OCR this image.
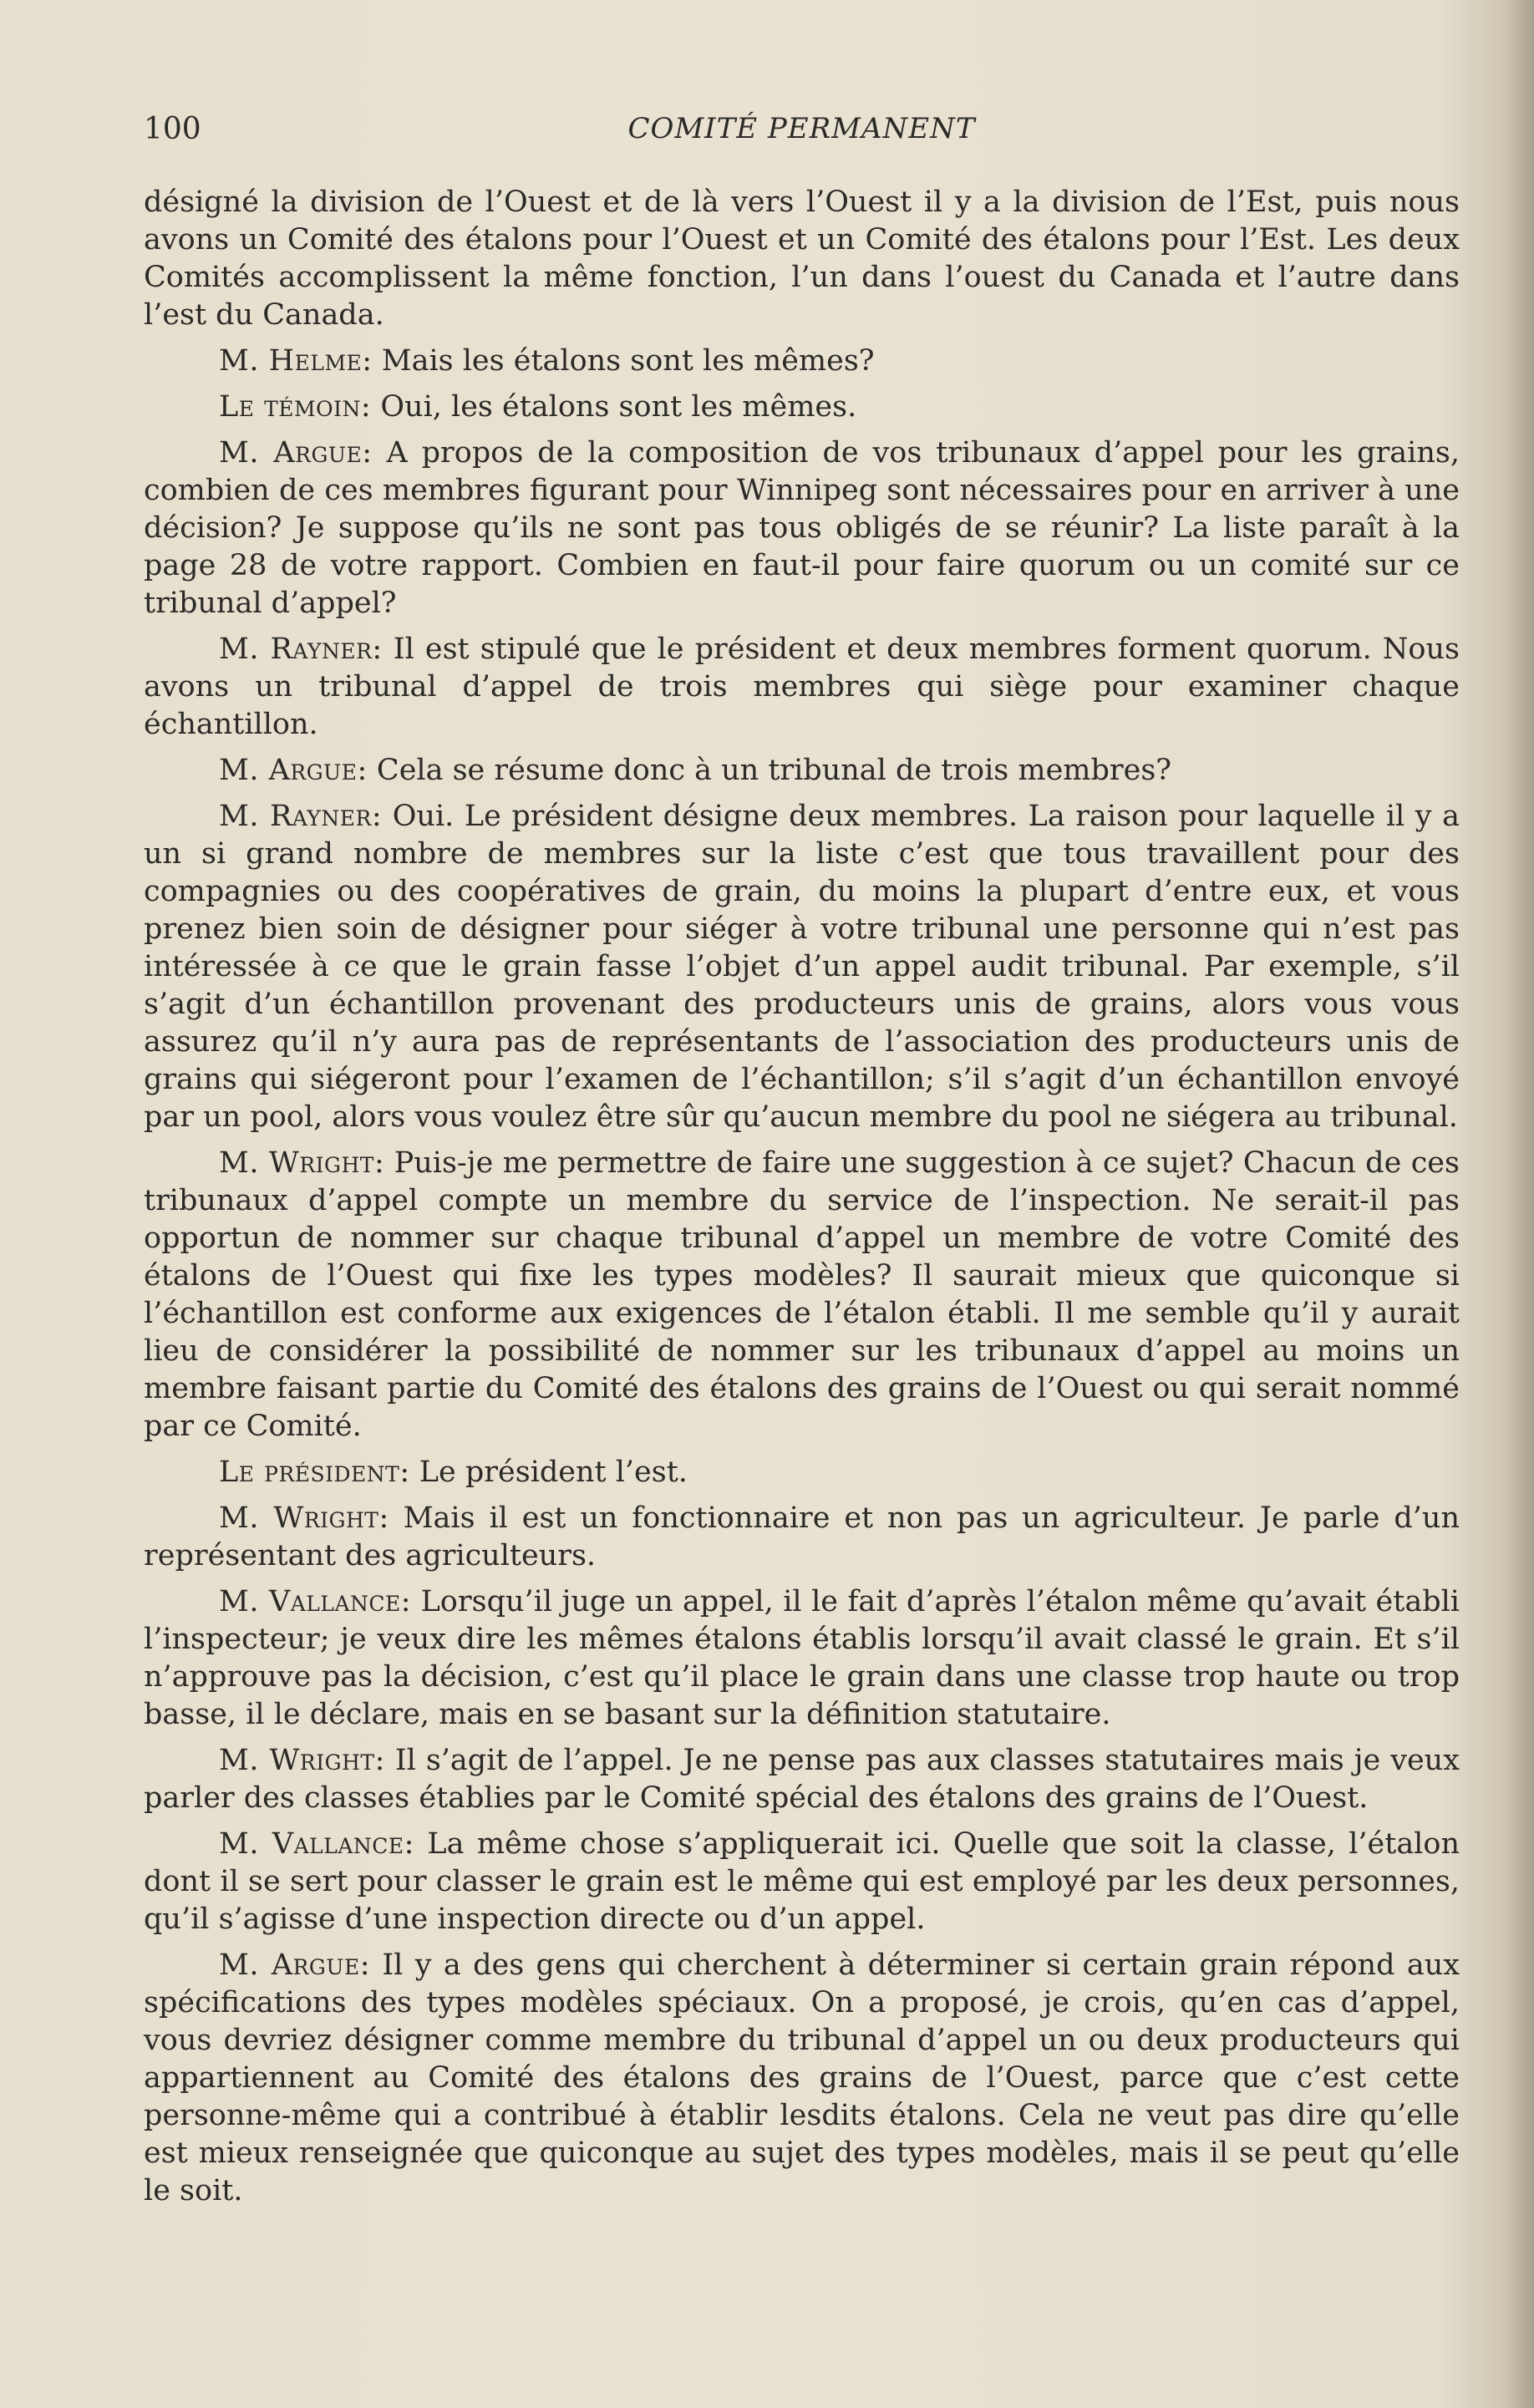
100	COMITÉ PERMANENT

désigné la division de l’Ouest et de là vers l’Ouest il y a la division de l’Est, puis nous avons un Comité des étalons pour l’Ouest et un Comité des étalons pour l’Est. Les deux Comités accomplissent la même fonction, l’un dans l’ouest du Canada et l’autre dans l’est du Canada.

M. Helme: Mais les étalons sont les mêmes?

Le témoin: Oui, les étalons sont les mêmes.

M. Argue: A propos de la composition de vos tribunaux d’appel pour les grains, combien de ces membres figurant pour Winnipeg sont nécessaires pour en arriver à une décision? Je suppose qu’ils ne sont pas tous obligés de se réunir? La liste paraît à la page 28 de votre rapport. Combien en faut-il pour faire quorum ou un comité sur ce tribunal d’appel?

M. Rayner: Il est stipulé que le président et deux membres forment quorum. Nous avons un tribunal d’appel de trois membres qui siège pour examiner chaque échantillon.

M. Argue: Cela se résume donc à un tribunal de trois membres?

M. Rayner: Oui. Le président désigne deux membres. La raison pour laquelle il y a un si grand nombre de membres sur la liste c’est que tous travaillent pour des compagnies ou des coopératives de grain, du moins la plupart d’entre eux, et vous prenez bien soin de désigner pour siéger à votre tribunal une personne qui n’est pas intéressée à ce que le grain fasse l’objet d’un appel audit tribunal. Par exemple, s’il s’agit d’un échantillon provenant des producteurs unis de grains, alors vous vous assurez qu’il n’y aura pas de représentants de l’association des producteurs unis de grains qui siégeront pour l’examen de l’échantillon; s’il s’agit d’un échantillon envoyé par un pool, alors vous voulez être sûr qu’aucun membre du pool ne siégera au tribunal.

M. Wright: Puis-je me permettre de faire une suggestion à ce sujet? Chacun de ces tribunaux d’appel compte un membre du service de l’inspection. Ne serait-il pas opportun de nommer sur chaque tribunal d’appel un membre de votre Comité des étalons de l’Ouest qui fixe les types modèles? Il saurait mieux que quiconque si l’échantillon est conforme aux exigences de l’étalon établi. Il me semble qu’il y aurait lieu de considérer la possibilité de nommer sur les tribunaux d’appel au moins un membre faisant partie du Comité des étalons des grains de l’Ouest ou qui serait nommé par ce Comité.

Le président: Le président l’est.

M. Wright: Mais il est un fonctionnaire et non pas un agriculteur. Je parle d’un représentant des agriculteurs.

M. Vallance: Lorsqu’il juge un appel, il le fait d’après l’étalon même qu’avait établi l’inspecteur; je veux dire les mêmes étalons établis lorsqu’il avait classé le grain. Et s’il n’approuve pas la décision, c’est qu’il place le grain dans une classe trop haute ou trop basse, il le déclare, mais en se basant sur la définition statutaire.

M. Wright: Il s’agit de l’appel. Je ne pense pas aux classes statutaires mais je veux parler des classes établies par le Comité spécial des étalons des grains de l’Ouest.

M. Vallance: La même chose s’appliquerait ici. Quelle que soit la classe, l’étalon dont il se sert pour classer le grain est le même qui est employé par les deux personnes, qu’il s’agisse d’une inspection directe ou d’un appel.

M. Argue: Il y a des gens qui cherchent à déterminer si certain grain répond aux spécifications des types modèles spéciaux. On a proposé, je crois, qu’en cas d’appel, vous devriez désigner comme membre du tribunal d’appel un ou deux producteurs qui appartiennent au Comité des étalons des grains de l’Ouest, parce que c’est cette personne-même qui a contribué à établir lesdits étalons. Cela ne veut pas dire qu’elle est mieux renseignée que quiconque au sujet des types modèles, mais il se peut qu’elle le soit.
